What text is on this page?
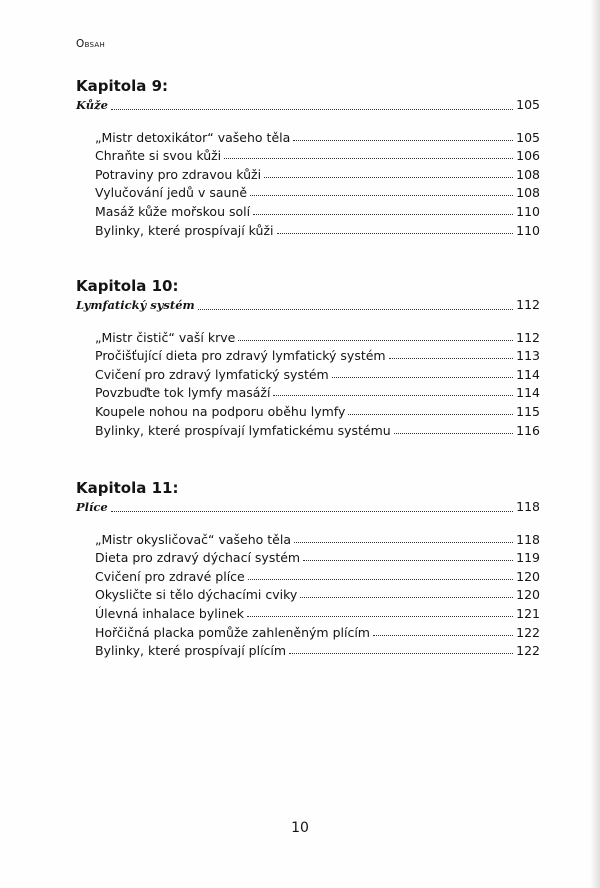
Obsah
Kapitola 9:
Kůže	105
„Mistr detoxikátor“ vašeho těla	105
Chraňte si svou kůži	106
Potraviny pro zdravou kůži	108
Vylučování jedů v sauně	108
Masáž kůže mořskou solí	110
Bylinky, které prospívají kůži	110
Kapitola 10:
Lymfatický systém	112
„Mistr čistič“ vaší krve	112
Pročišťující dieta pro zdravý lymfatický systém	113
Cvičení pro zdravý lymfatický systém	114
Povzbuďte tok lymfy masáží	114
Koupele nohou na podporu oběhu lymfy	115
Bylinky, které prospívají lymfatickému systému	116
Kapitola 11:
Plíce	118
„Mistr okysličovač“ vašeho těla	118
Dieta pro zdravý dýchací systém	119
Cvičení pro zdravé plíce	120
Okysličte si tělo dýchacími cviky	120
Úlevná inhalace bylinek	121
Hořčičná placka pomůže zahleněným plícím	122
Bylinky, které prospívají plícím	122
10
